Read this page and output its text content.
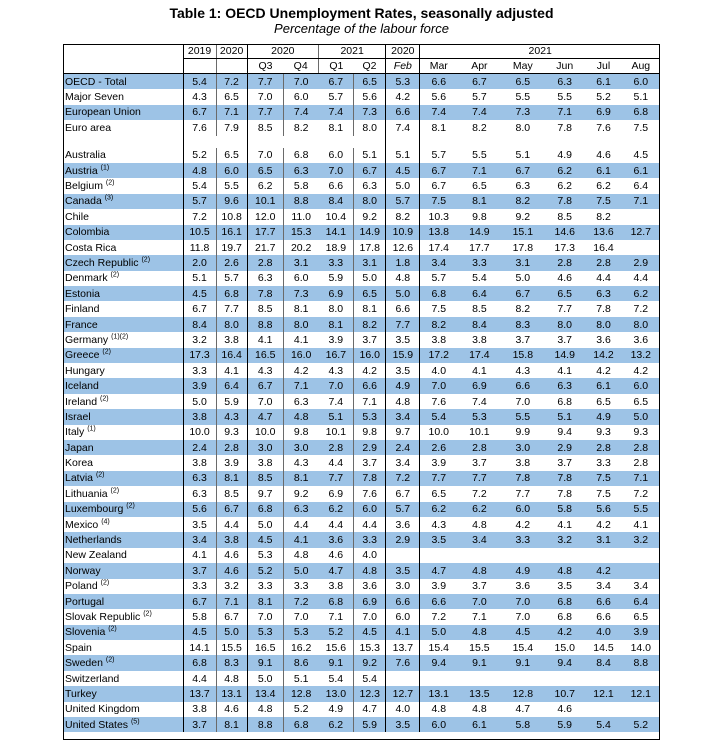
Table 1: OECD Unemployment Rates, seasonally adjusted
Percentage of the labour force
	2019	2020	2020		2021		2020	2021					
			Q3	Q4	Q1	Q2	Feb	Mar	Apr	May	Jun	Jul	Aug
OECD - Total	5.4	7.2	7.7	7.0	6.7	6.5	5.3	6.6	6.7	6.5	6.3	6.1	6.0
Major Seven	4.3	6.5	7.0	6.0	5.7	5.6	4.2	5.6	5.7	5.5	5.5	5.2	5.1
European Union	6.7	7.1	7.7	7.4	7.4	7.3	6.6	7.4	7.4	7.3	7.1	6.9	6.8
Euro area	7.6	7.9	8.5	8.2	8.1	8.0	7.4	8.1	8.2	8.0	7.8	7.6	7.5

Australia	5.2	6.5	7.0	6.8	6.0	5.1	5.1	5.7	5.5	5.1	4.9	4.6	4.5
Austria $^{(1)}$	4.8	6.0	6.5	6.3	7.0	6.7	4.5	6.7	7.1	6.7	6.2	6.1	6.1
Belgium $^{(2)}$	5.4	5.5	6.2	5.8	6.6	6.3	5.0	6.7	6.5	6.3	6.2	6.2	6.4
Canada $^{(3)}$	5.7	9.6	10.1	8.8	8.4	8.0	5.7	7.5	8.1	8.2	7.8	7.5	7.1
Chile	7.2	10.8	12.0	11.0	10.4	9.2	8.2	10.3	9.8	9.2	8.5	8.2	
Colombia	10.5	16.1	17.7	15.3	14.1	14.9	10.9	13.8	14.9	15.1	14.6	13.6	12.7
Costa Rica	11.8	19.7	21.7	20.2	18.9	17.8	12.6	17.4	17.7	17.8	17.3	16.4	
Czech Republic $^{(2)}$	2.0	2.6	2.8	3.1	3.3	3.1	1.8	3.4	3.3	3.1	2.8	2.8	2.9
Denmark $^{(2)}$	5.1	5.7	6.3	6.0	5.9	5.0	4.8	5.7	5.4	5.0	4.6	4.4	4.4
Estonia	4.5	6.8	7.8	7.3	6.9	6.5	5.0	6.8	6.4	6.7	6.5	6.3	6.2
Finland	6.7	7.7	8.5	8.1	8.0	8.1	6.6	7.5	8.5	8.2	7.7	7.8	7.2
France	8.4	8.0	8.8	8.0	8.1	8.2	7.7	8.2	8.4	8.3	8.0	8.0	8.0
Germany $^{(1)(2)}$	3.2	3.8	4.1	4.1	3.9	3.7	3.5	3.8	3.8	3.7	3.7	3.6	3.6
Greece $^{(2)}$	17.3	16.4	16.5	16.0	16.7	16.0	15.9	17.2	17.4	15.8	14.9	14.2	13.2
Hungary	3.3	4.1	4.3	4.2	4.3	4.2	3.5	4.0	4.1	4.3	4.1	4.2	4.2
Iceland	3.9	6.4	6.7	7.1	7.0	6.6	4.9	7.0	6.9	6.6	6.3	6.1	6.0
Ireland $^{(2)}$	5.0	5.9	7.0	6.3	7.4	7.1	4.8	7.6	7.4	7.0	6.8	6.5	6.5
Israel	3.8	4.3	4.7	4.8	5.1	5.3	3.4	5.4	5.3	5.5	5.1	4.9	5.0
Italy $^{(1)}$	10.0	9.3	10.0	9.8	10.1	9.8	9.7	10.0	10.1	9.9	9.4	9.3	9.3
Japan	2.4	2.8	3.0	3.0	2.8	2.9	2.4	2.6	2.8	3.0	2.9	2.8	2.8
Korea	3.8	3.9	3.8	4.3	4.4	3.7	3.4	3.9	3.7	3.8	3.7	3.3	2.8
Latvia $^{(2)}$	6.3	8.1	8.5	8.1	7.7	7.8	7.2	7.7	7.7	7.8	7.8	7.5	7.1
Lithuania $^{(2)}$	6.3	8.5	9.7	9.2	6.9	7.6	6.7	6.5	7.2	7.7	7.8	7.5	7.2
Luxembourg $^{(2)}$	5.6	6.7	6.8	6.3	6.2	6.0	5.7	6.2	6.2	6.0	5.8	5.6	5.5
Mexico $^{(4)}$	3.5	4.4	5.0	4.4	4.4	4.4	3.6	4.3	4.8	4.2	4.1	4.2	4.1
Netherlands	3.4	3.8	4.5	4.1	3.6	3.3	2.9	3.5	3.4	3.3	3.2	3.1	3.2
New Zealand	4.1	4.6	5.3	4.8	4.6	4.0							
Norway	3.7	4.6	5.2	5.0	4.7	4.8	3.5	4.7	4.8	4.9	4.8	4.2	
Poland $^{(2)}$	3.3	3.2	3.3	3.3	3.8	3.6	3.0	3.9	3.7	3.6	3.5	3.4	3.4
Portugal	6.7	7.1	8.1	7.2	6.8	6.9	6.6	6.6	7.0	7.0	6.8	6.6	6.4
Slovak Republic $^{(2)}$	5.8	6.7	7.0	7.0	7.1	7.0	6.0	7.2	7.1	7.0	6.8	6.6	6.5
Slovenia $^{(2)}$	4.5	5.0	5.3	5.3	5.2	4.5	4.1	5.0	4.8	4.5	4.2	4.0	3.9
Spain	14.1	15.5	16.5	16.2	15.6	15.3	13.7	15.4	15.5	15.4	15.0	14.5	14.0
Sweden $^{(2)}$	6.8	8.3	9.1	8.6	9.1	9.2	7.6	9.4	9.1	9.1	9.4	8.4	8.8
Switzerland	4.4	4.8	5.0	5.1	5.4	5.4							
Turkey	13.7	13.1	13.4	12.8	13.0	12.3	12.7	13.1	13.5	12.8	10.7	12.1	12.1
United Kingdom	3.8	4.6	4.8	5.2	4.9	4.7	4.0	4.8	4.8	4.7	4.6		
United States $^{(5)}$	3.7	8.1	8.8	6.8	6.2	5.9	3.5	6.0	6.1	5.8	5.9	5.4	5.2
